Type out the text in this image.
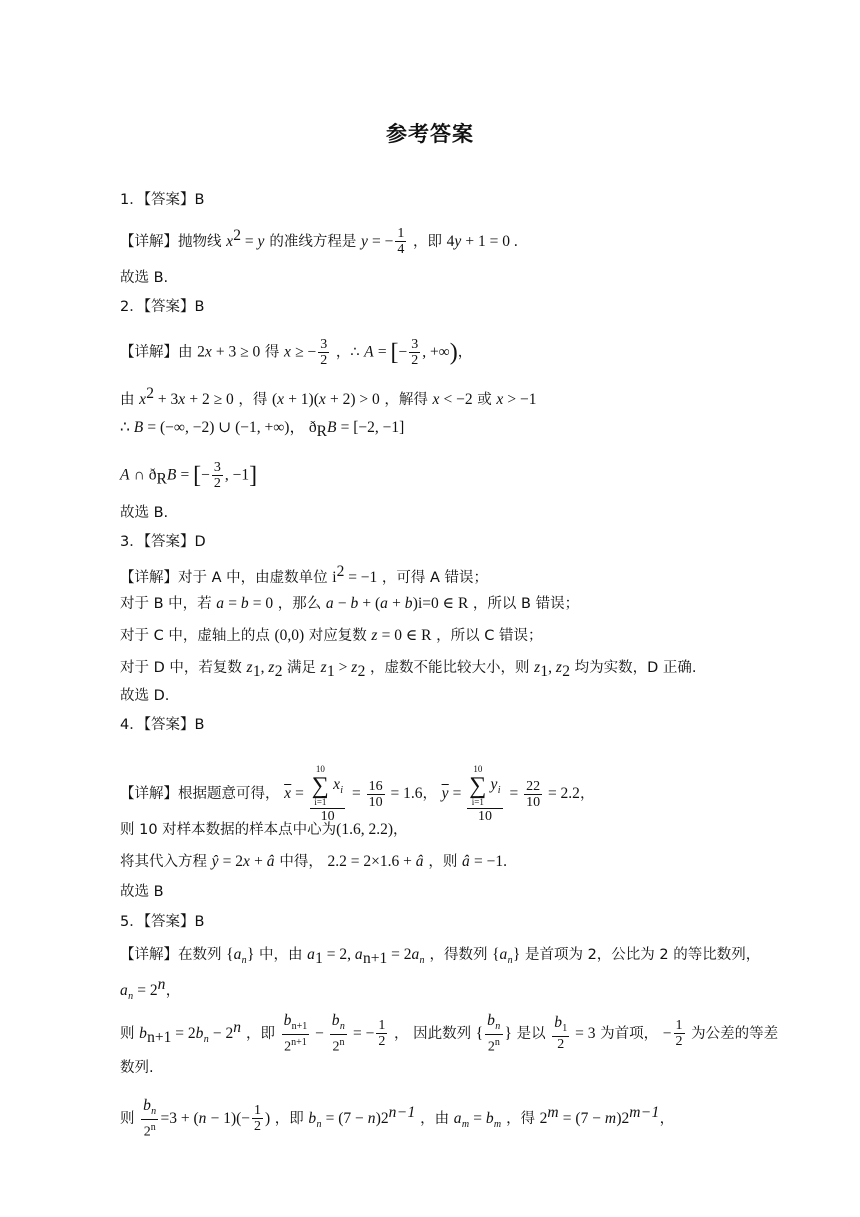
参考答案
1．【答案】B
【详解】抛物线 $x^2 = y$ 的准线方程是 y = − $\frac{1}{4}$ ，即 4y + 1 = 0 .
故选 B.
2．【答案】B
【详解】由 2x + 3 ≥ 0 得 x ≥ − $\frac{3}{2}$ ，∴ A = [− $\frac{3}{2}$ , +∞)，
由 $x^2 + 3x + 2 \ge 0$ ，得 (x + 1)(x + 2) > 0 ，解得 x < −2 或 x > −1
∴ B = (−∞, −2) ∪ (−1, +∞)， $ð_RB = [-2$, −1]
A ∩ $ð_RB$ = [− $\frac{3}{2}$ , −1]
故选 B.
3．【答案】D
【详解】对于 A 中，由虚数单位 $i^2 = -1$ ，可得 A 错误；
对于 B 中，若 a = b = 0 ，那么 a − b + (a + b)i=0 ∈ R ，所以 B 错误；
对于 C 中，虚轴上的点 (0,0) 对应复数 z = 0 ∈ R ，所以 C 错误；
对于 D 中，若复数 $z_1$, $z_2$ 满足 $z_1 > z_2$ ，虚数不能比较大小，则 $z_1$, $z_2$ 均为实数，D 正确.
故选 D.
4．【答案】B
【详解】根据题意可得， $\overline{x} = 10$
∑
i=1
$x_i$
$10 = \frac{16}{10} = 1.6$， $\overline{y} = 10$
∑
i=1
$y_i$
$10 = \frac{22}{10} = 2.2$，
则 10 对样本数据的样本点中心为(1.6, 2.2)，
将其代入方程 ŷ = 2x + â 中得， 2.2 = 2×1.6 + â ，则 â = −1.
故选 B
5．【答案】B
【详解】在数列 $\{a_n\}$ 中，由 $a_1 = 2$, $a_{n+1} = 2a_n$ ，得数列 $\{a_n\}$ 是首项为 2，公比为 2 的等比数列，
$a_n = 2^n$，
则 $b_{n+1} = 2b_n - 2^n$ ，即 $\frac{b_{n+1}}{2^{n+1}} - \frac{b_n}{2^n}$ = − $\frac{1}{2}$ ， 因此数列 { $\frac{b_n}{2^n}$ } 是以 $\frac{b_1}{2} = 3$ 为首项， − $\frac{1}{2}$ 为公差的等差
数列.
则 $\frac{b_n}{2^n} =3 + (n - 1)(- \frac{1}{2}$ ) ，即 $b_n = (7 - n)2^{n-1}$ ，由 $a_m = b_m$ ，得 $2^m = (7 - m)2^{m-1}$，
